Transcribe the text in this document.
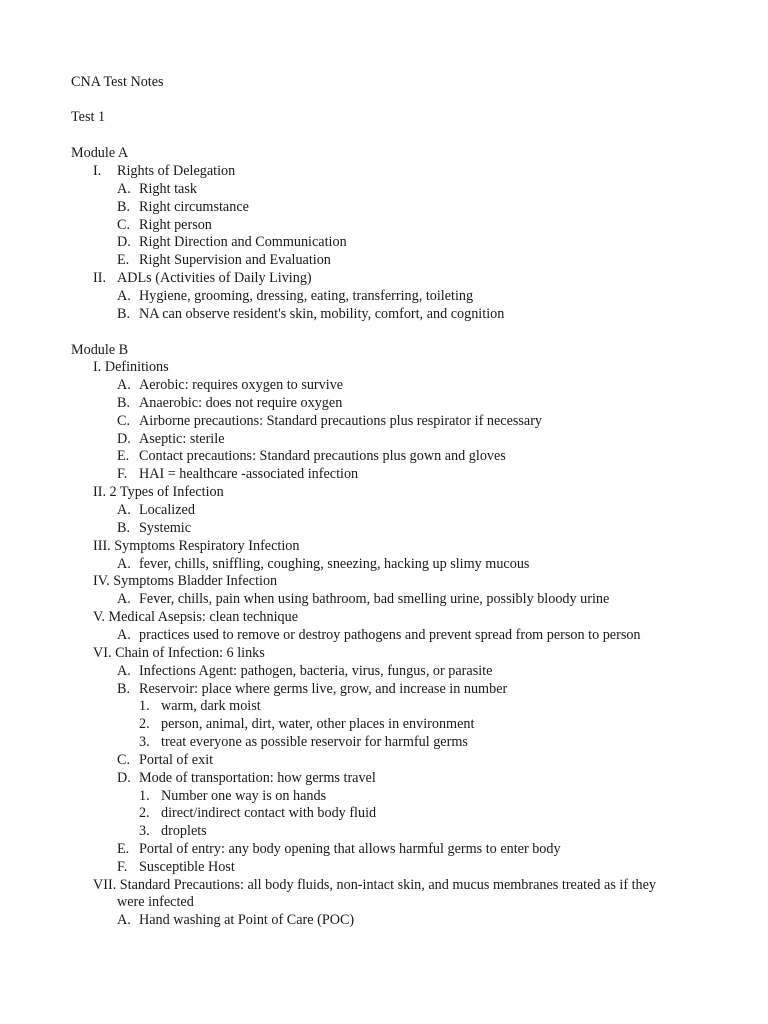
CNA Test Notes
Test 1
Module A
I. Rights of Delegation
A. Right task
B. Right circumstance
C. Right person
D. Right Direction and Communication
E. Right Supervision and Evaluation
II. ADLs (Activities of Daily Living)
A. Hygiene, grooming, dressing, eating, transferring, toileting
B. NA can observe resident's skin, mobility, comfort, and cognition
Module B
I. Definitions
A. Aerobic: requires oxygen to survive
B. Anaerobic: does not require oxygen
C. Airborne precautions: Standard precautions plus respirator if necessary
D. Aseptic: sterile
E. Contact precautions: Standard precautions plus gown and gloves
F. HAI = healthcare -associated infection
II. 2 Types of Infection
A. Localized
B. Systemic
III. Symptoms Respiratory Infection
A. fever, chills, sniffling, coughing, sneezing, hacking up slimy mucous
IV. Symptoms Bladder Infection
A. Fever, chills, pain when using bathroom, bad smelling urine, possibly bloody urine
V. Medical Asepsis: clean technique
A. practices used to remove or destroy pathogens and prevent spread from person to person
VI. Chain of Infection: 6 links
A. Infections Agent: pathogen, bacteria, virus, fungus, or parasite
B. Reservoir: place where germs live, grow, and increase in number
1. warm, dark moist
2. person, animal, dirt, water, other places in environment
3. treat everyone as possible reservoir for harmful germs
C. Portal of exit
D. Mode of transportation: how germs travel
1. Number one way is on hands
2. direct/indirect contact with body fluid
3. droplets
E. Portal of entry: any body opening that allows harmful germs to enter body
F. Susceptible Host
VII. Standard Precautions: all body fluids, non-intact skin, and mucus membranes treated as if they
were infected
A. Hand washing at Point of Care (POC)
